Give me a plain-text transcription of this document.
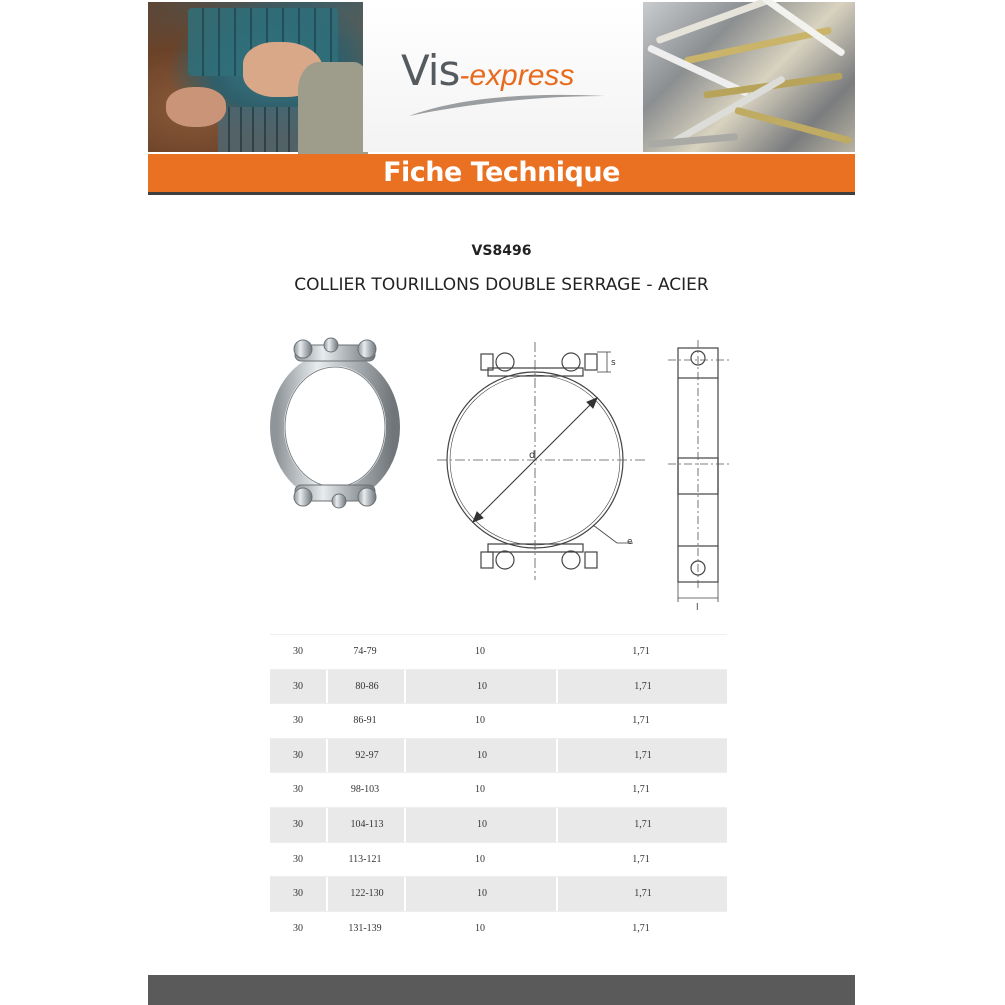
Vis-express
Fiche Technique
VS8496
COLLIER TOURILLONS DOUBLE SERRAGE - ACIER
d
s
e
l
30	74-79	10	1,71
30	80-86	10	1,71
30	86-91	10	1,71
30	92-97	10	1,71
30	98-103	10	1,71
30	104-113	10	1,71
30	113-121	10	1,71
30	122-130	10	1,71
30	131-139	10	1,71
